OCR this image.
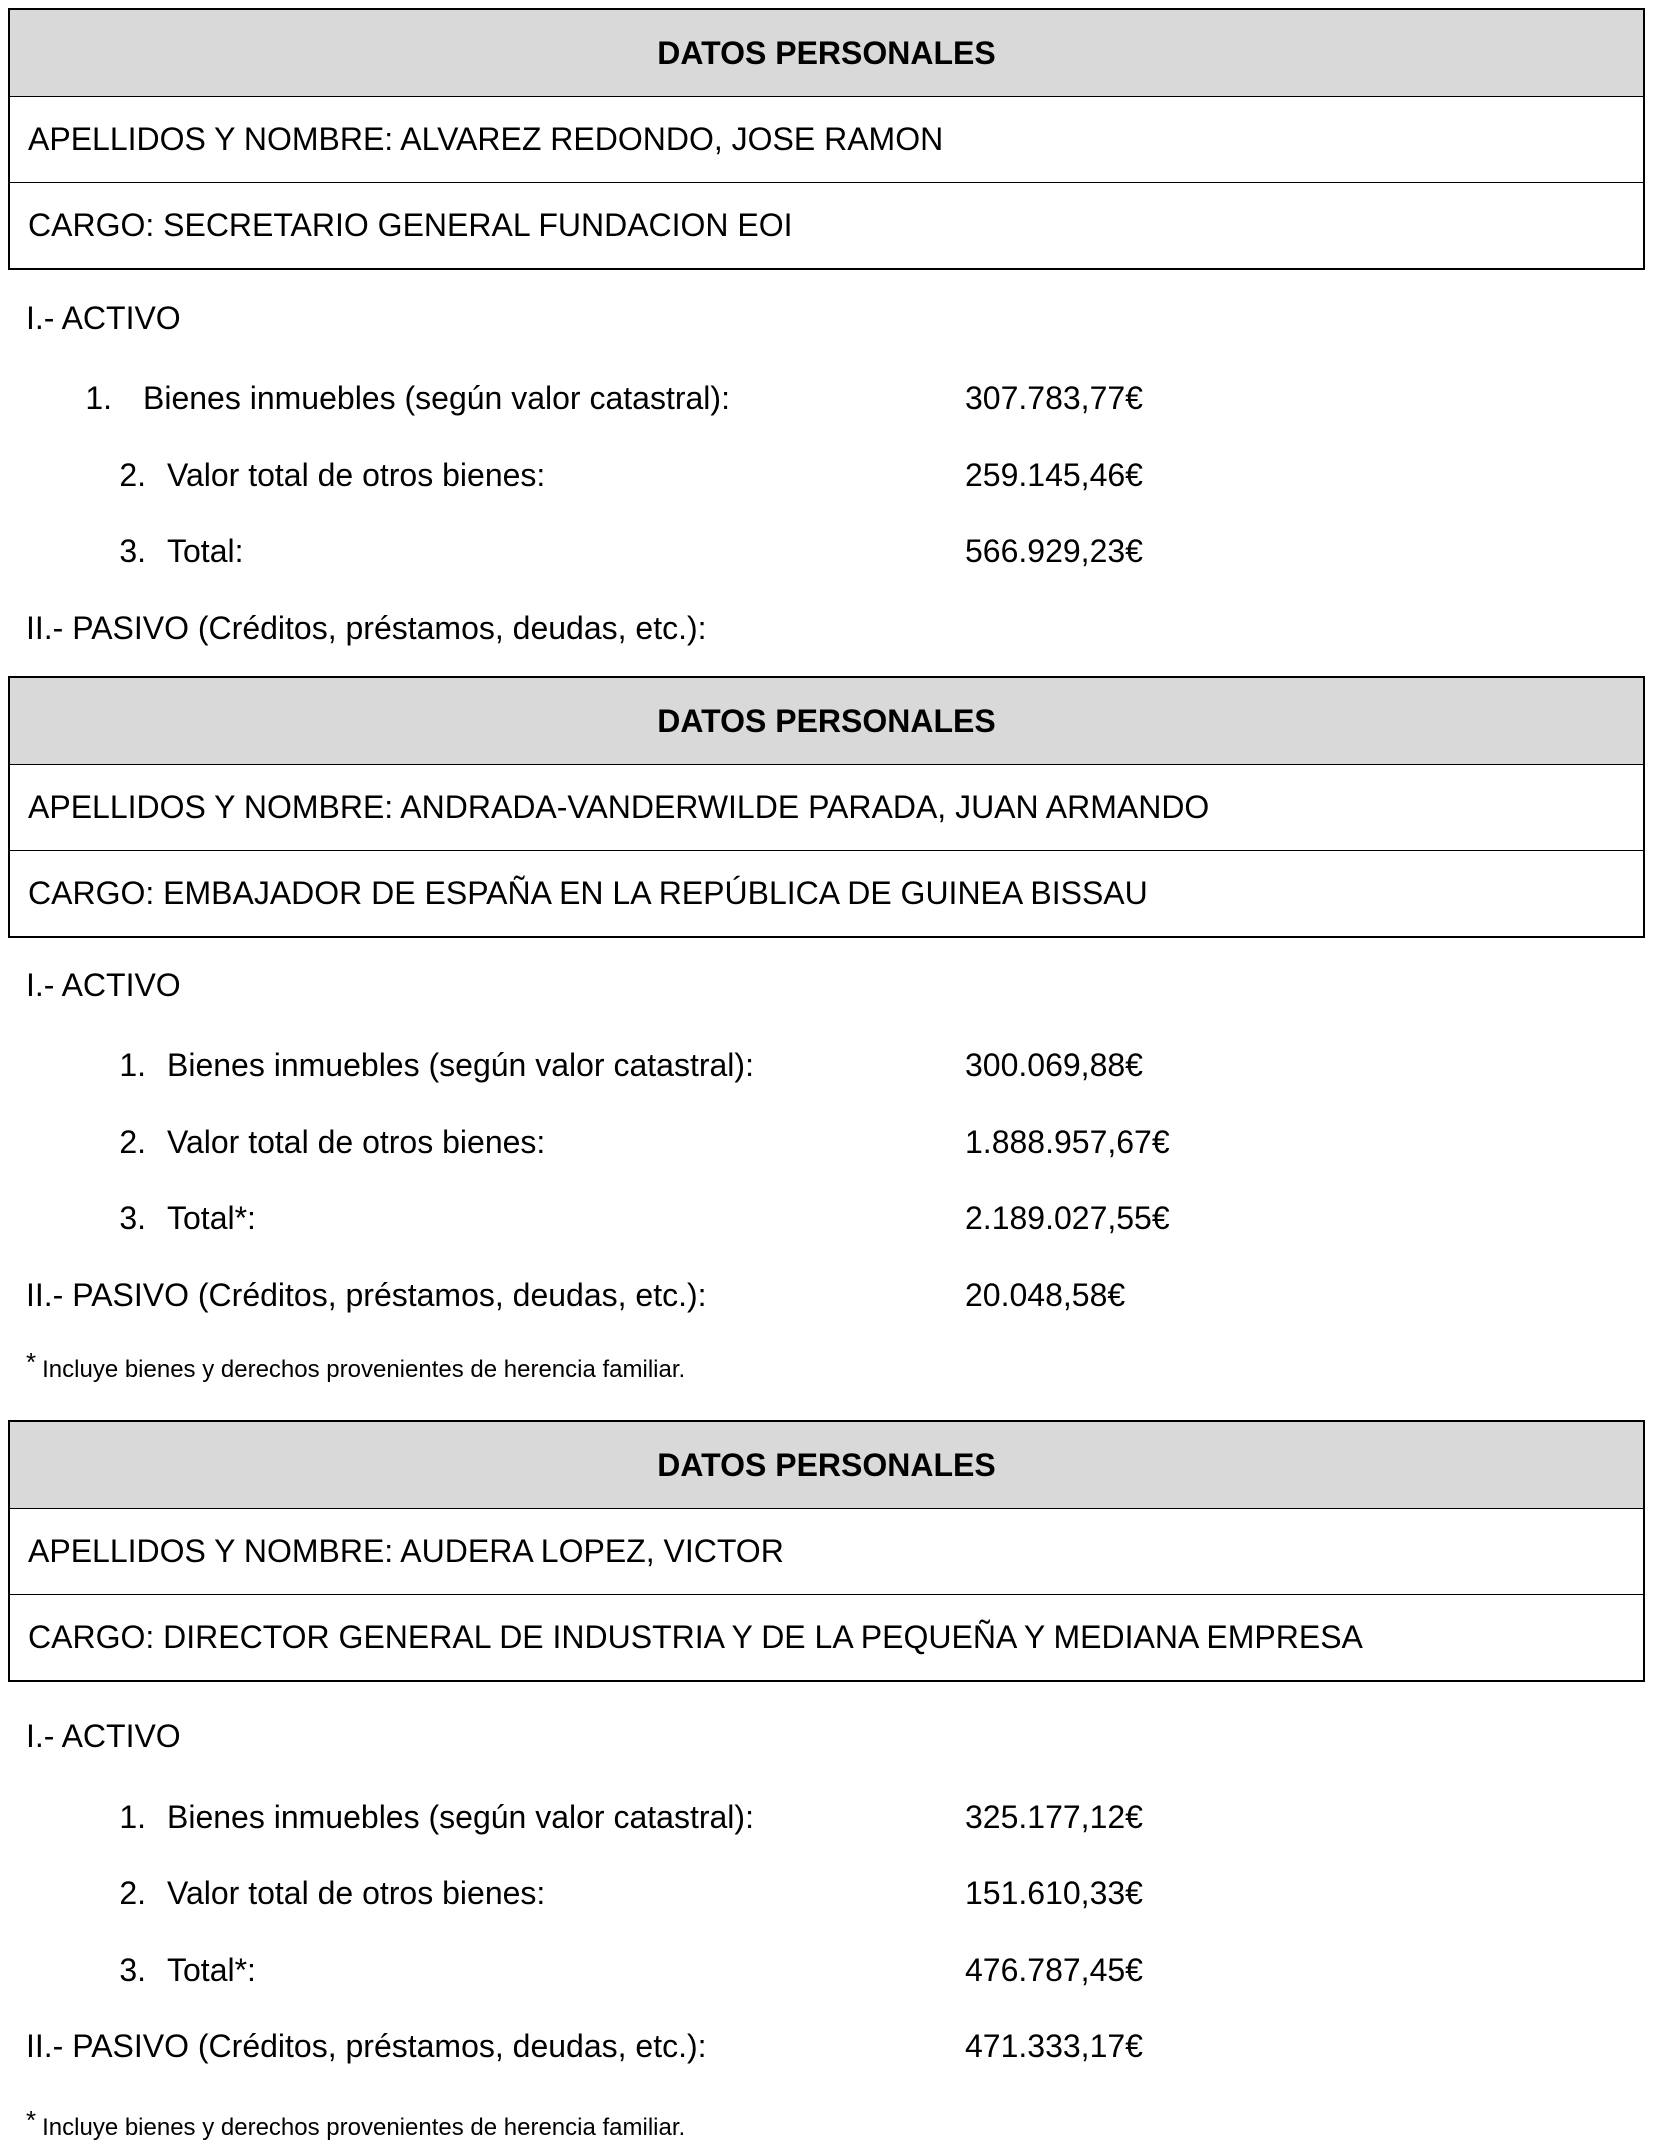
DATOS PERSONALES
APELLIDOS Y NOMBRE: ALVAREZ REDONDO, JOSE RAMON
CARGO: SECRETARIO GENERAL FUNDACION EOI
I.- ACTIVO
1. Bienes inmuebles (según valor catastral):	307.783,77€
2. Valor total de otros bienes:	259.145,46€
3. Total:	566.929,23€
II.- PASIVO (Créditos, préstamos, deudas, etc.):
DATOS PERSONALES
APELLIDOS Y NOMBRE: ANDRADA-VANDERWILDE PARADA, JUAN ARMANDO
CARGO: EMBAJADOR DE ESPAÑA EN LA REPÚBLICA DE GUINEA BISSAU
I.- ACTIVO
1. Bienes inmuebles (según valor catastral):	300.069,88€
2. Valor total de otros bienes:	1.888.957,67€
3. Total*:	2.189.027,55€
II.- PASIVO (Créditos, préstamos, deudas, etc.):	20.048,58€
* Incluye bienes y derechos provenientes de herencia familiar.
DATOS PERSONALES
APELLIDOS Y NOMBRE: AUDERA LOPEZ, VICTOR
CARGO: DIRECTOR GENERAL DE INDUSTRIA Y DE LA PEQUEÑA Y MEDIANA EMPRESA
I.- ACTIVO
1. Bienes inmuebles (según valor catastral):	325.177,12€
2. Valor total de otros bienes:	151.610,33€
3. Total*:	476.787,45€
II.- PASIVO (Créditos, préstamos, deudas, etc.):	471.333,17€
* Incluye bienes y derechos provenientes de herencia familiar.
